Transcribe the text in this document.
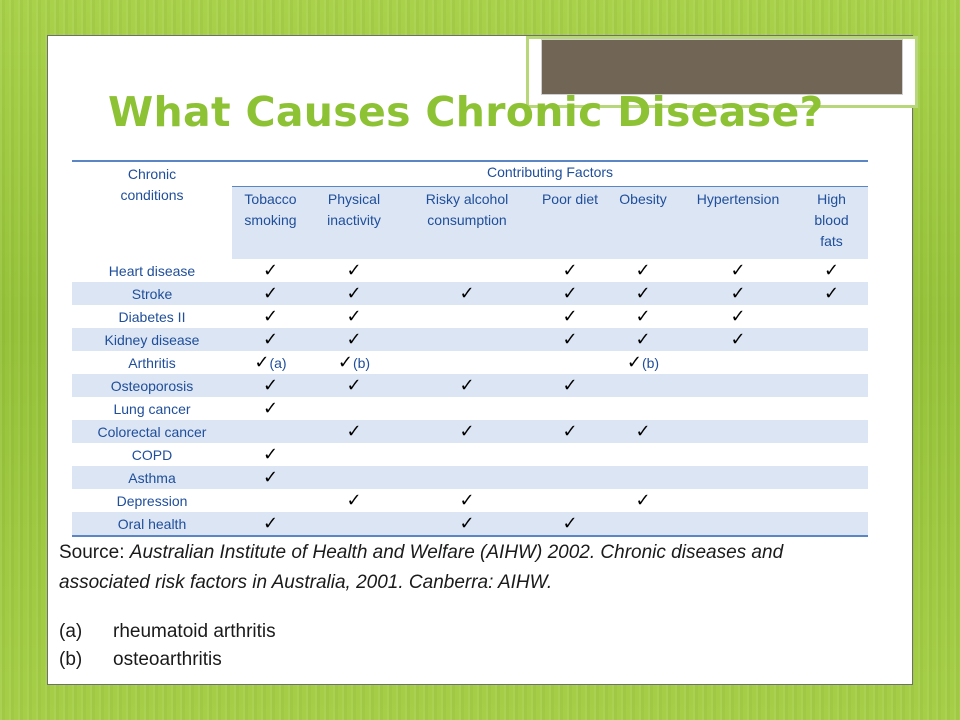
What Causes Chronic Disease?
Chronic conditions	Contributing Factors						
	Tobacco smoking	Physical inactivity	Risky alcohol consumption	Poor diet	Obesity	Hypertension	High blood fats
Heart disease	✓	✓		✓	✓	✓	✓
Stroke	✓	✓	✓	✓	✓	✓	✓
Diabetes II	✓	✓		✓	✓	✓	
Kidney disease	✓	✓		✓	✓	✓	
Arthritis	✓(a)	✓(b)			✓(b)		
Osteoporosis	✓	✓	✓	✓			
Lung cancer	✓						
Colorectal cancer		✓	✓	✓	✓		
COPD	✓						
Asthma	✓						
Depression		✓	✓		✓		
Oral health	✓		✓	✓			

Source: Australian Institute of Health and Welfare (AIHW) 2002. Chronic diseases and associated risk factors in Australia, 2001. Canberra: AIHW.

(a) rheumatoid arthritis
(b) osteoarthritis
